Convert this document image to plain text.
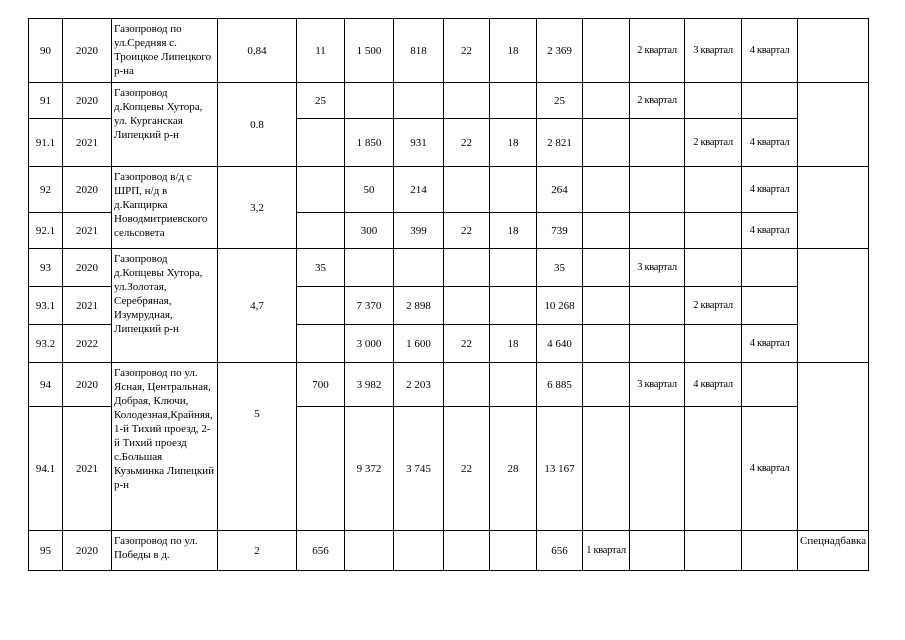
90	2020	Газопровод по ул.Средняя с. Троицкое Липецкого р-на	0,84	11	1 500	818	22	18	2 369		2 квартал	3 квартал	4 квартал	
91	2020	Газопровод д.Копцевы Хутора, ул. Курганская Липецкий р-н	0.8	25					25		2 квартал			
91.1	2021				1 850	931	22	18	2 821			2 квартал	4 квартал	
92	2020	Газопровод в/д с ШРП, н/д в д.Капцирка Новодмитриевского сельсовета	3,2		50	214			264				4 квартал	
92.1	2021				300	399	22	18	739				4 квартал	
93	2020	Газопровод д.Копцевы Хутора, ул.Золотая, Серебряная, Изумрудная, Липецкий р-н	4,7	35					35		3 квартал			
93.1	2021				7 370	2 898			10 268			2 квартал		
93.2	2022				3 000	1 600	22	18	4 640				4 квартал	
94	2020	Газопровод по ул. Ясная, Центральная, Добрая, Ключи, Колодезная,Крайняя, 1-й Тихий проезд, 2-й Тихий проезд с.Большая Кузьминка Липецкий р-н	5	700	3 982	2 203			6 885		3 квартал	4 квартал		
94.1	2021				9 372	3 745	22	28	13 167				4 квартал	
95	2020	Газопровод по ул. Победы в д.	2	656					656	1 квартал				Спецнадбавка
